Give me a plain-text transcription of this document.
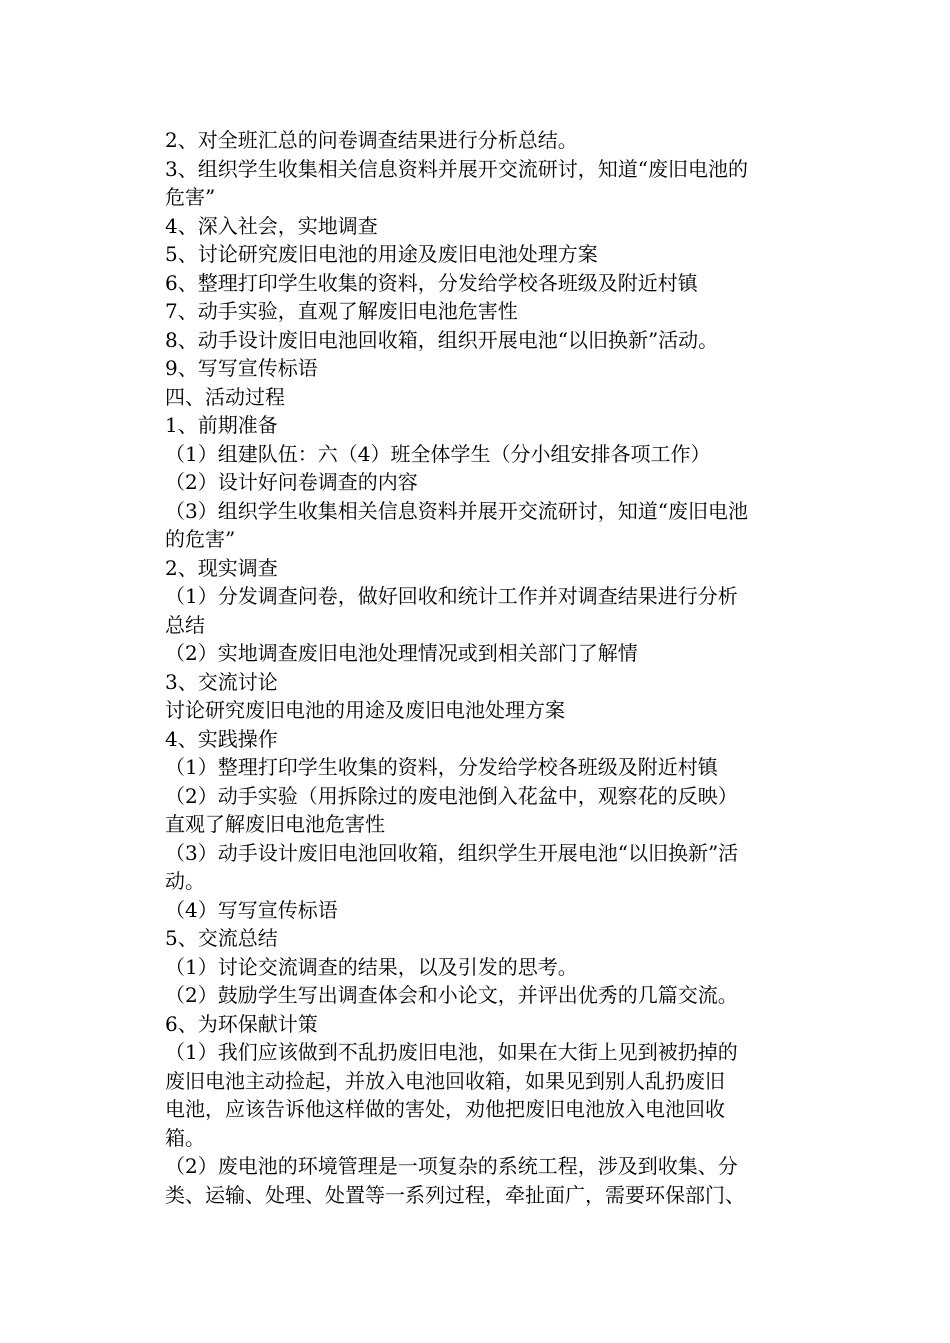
2、对全班汇总的问卷调查结果进行分析总结。
3、组织学生收集相关信息资料并展开交流研讨，知道“废旧电池的
危害”
4、深入社会，实地调查
5、讨论研究废旧电池的用途及废旧电池处理方案
6、整理打印学生收集的资料，分发给学校各班级及附近村镇
7、动手实验，直观了解废旧电池危害性
8、动手设计废旧电池回收箱，组织开展电池“以旧换新”活动。
9、写写宣传标语
四、活动过程
1、前期准备
（1）组建队伍：六（4）班全体学生（分小组安排各项工作）
（2）设计好问卷调查的内容
（3）组织学生收集相关信息资料并展开交流研讨，知道“废旧电池
的危害”
2、现实调查
（1）分发调查问卷，做好回收和统计工作并对调查结果进行分析
总结
（2）实地调查废旧电池处理情况或到相关部门了解情
3、交流讨论
讨论研究废旧电池的用途及废旧电池处理方案
4、实践操作
（1）整理打印学生收集的资料，分发给学校各班级及附近村镇
（2）动手实验（用拆除过的废电池倒入花盆中，观察花的反映）
直观了解废旧电池危害性
（3）动手设计废旧电池回收箱，组织学生开展电池“以旧换新”活
动。
（4）写写宣传标语
5、交流总结
（1）讨论交流调查的结果，以及引发的思考。
（2）鼓励学生写出调查体会和小论文，并评出优秀的几篇交流。
6、为环保献计策
（1）我们应该做到不乱扔废旧电池，如果在大街上见到被扔掉的
废旧电池主动捡起，并放入电池回收箱，如果见到别人乱扔废旧
电池，应该告诉他这样做的害处，劝他把废旧电池放入电池回收
箱。
（2）废电池的环境管理是一项复杂的系统工程，涉及到收集、分
类、运输、处理、处置等一系列过程，牵扯面广，需要环保部门、
